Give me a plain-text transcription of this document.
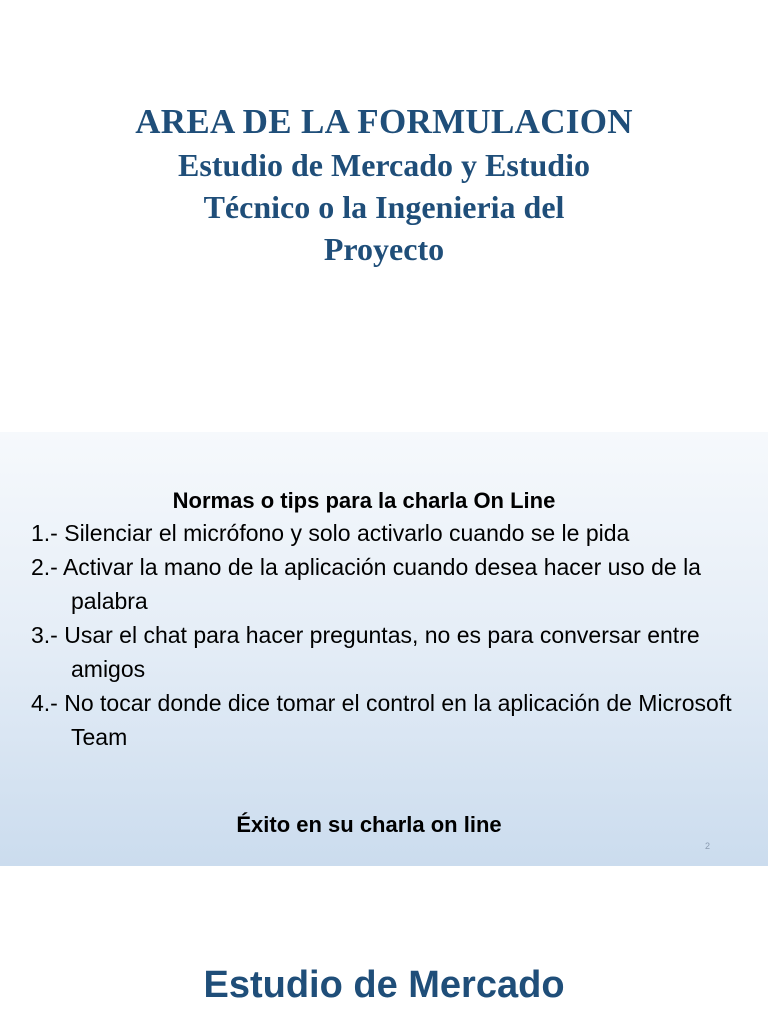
AREA DE LA FORMULACION
Estudio de Mercado y Estudio
Técnico o la Ingenieria del
Proyecto
Normas o tips para la charla On Line
1.- Silenciar el micrófono y solo activarlo cuando se le pida
2.- Activar la mano de la aplicación cuando desea hacer uso de la palabra
3.- Usar el chat para hacer preguntas, no es para conversar entre amigos
4.- No tocar donde dice tomar el control en la aplicación de Microsoft Team
Éxito en su charla on line
2
Estudio de Mercado
